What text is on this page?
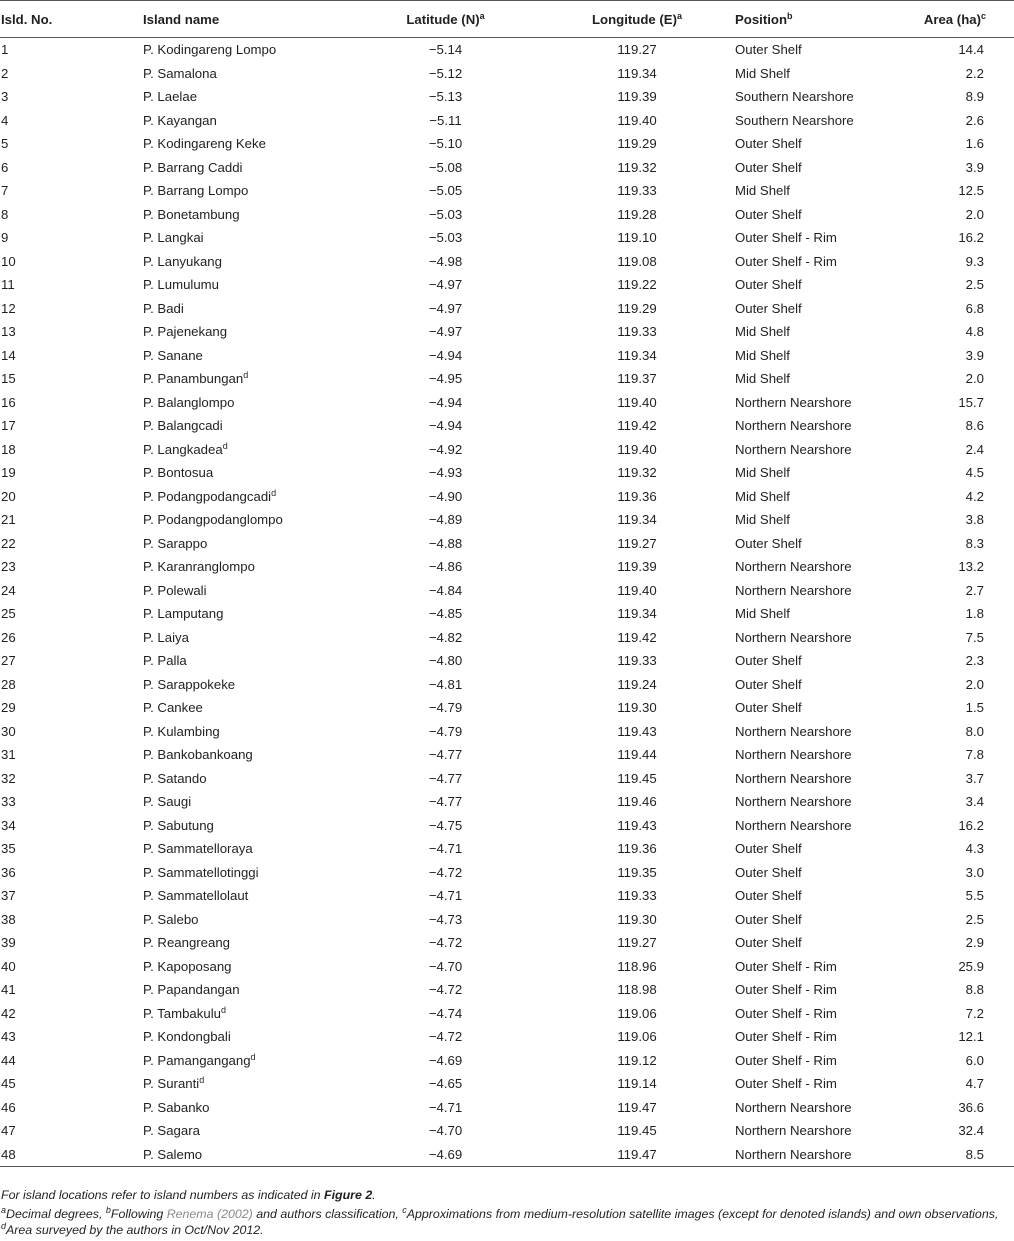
Isld. No.	Island name	Latitude $(N)^a$	Longitude $(E)^a$	Position$^b$	Area (ha)$^c$
1	P. Kodingareng Lompo	−5.14	119.27	Outer Shelf	14.4
2	P. Samalona	−5.12	119.34	Mid Shelf	2.2
3	P. Laelae	−5.13	119.39	Southern Nearshore	8.9
4	P. Kayangan	−5.11	119.40	Southern Nearshore	2.6
5	P. Kodingareng Keke	−5.10	119.29	Outer Shelf	1.6
6	P. Barrang Caddi	−5.08	119.32	Outer Shelf	3.9
7	P. Barrang Lompo	−5.05	119.33	Mid Shelf	12.5
8	P. Bonetambung	−5.03	119.28	Outer Shelf	2.0
9	P. Langkai	−5.03	119.10	Outer Shelf - Rim	16.2
10	P. Lanyukang	−4.98	119.08	Outer Shelf - Rim	9.3
11	P. Lumulumu	−4.97	119.22	Outer Shelf	2.5
12	P. Badi	−4.97	119.29	Outer Shelf	6.8
13	P. Pajenekang	−4.97	119.33	Mid Shelf	4.8
14	P. Sanane	−4.94	119.34	Mid Shelf	3.9
15	P. Panambungan$^d$	−4.95	119.37	Mid Shelf	2.0
16	P. Balanglompo	−4.94	119.40	Northern Nearshore	15.7
17	P. Balangcadi	−4.94	119.42	Northern Nearshore	8.6
18	P. Langkadea$^d$	−4.92	119.40	Northern Nearshore	2.4
19	P. Bontosua	−4.93	119.32	Mid Shelf	4.5
20	P. Podangpodangcadi$^d$	−4.90	119.36	Mid Shelf	4.2
21	P. Podangpodanglompo	−4.89	119.34	Mid Shelf	3.8
22	P. Sarappo	−4.88	119.27	Outer Shelf	8.3
23	P. Karanranglompo	−4.86	119.39	Northern Nearshore	13.2
24	P. Polewali	−4.84	119.40	Northern Nearshore	2.7
25	P. Lamputang	−4.85	119.34	Mid Shelf	1.8
26	P. Laiya	−4.82	119.42	Northern Nearshore	7.5
27	P. Palla	−4.80	119.33	Outer Shelf	2.3
28	P. Sarappokeke	−4.81	119.24	Outer Shelf	2.0
29	P. Cankee	−4.79	119.30	Outer Shelf	1.5
30	P. Kulambing	−4.79	119.43	Northern Nearshore	8.0
31	P. Bankobankoang	−4.77	119.44	Northern Nearshore	7.8
32	P. Satando	−4.77	119.45	Northern Nearshore	3.7
33	P. Saugi	−4.77	119.46	Northern Nearshore	3.4
34	P. Sabutung	−4.75	119.43	Northern Nearshore	16.2
35	P. Sammatelloraya	−4.71	119.36	Outer Shelf	4.3
36	P. Sammatellotinggi	−4.72	119.35	Outer Shelf	3.0
37	P. Sammatellolaut	−4.71	119.33	Outer Shelf	5.5
38	P. Salebo	−4.73	119.30	Outer Shelf	2.5
39	P. Reangreang	−4.72	119.27	Outer Shelf	2.9
40	P. Kapoposang	−4.70	118.96	Outer Shelf - Rim	25.9
41	P. Papandangan	−4.72	118.98	Outer Shelf - Rim	8.8
42	P. Tambakulu$^d$	−4.74	119.06	Outer Shelf - Rim	7.2
43	P. Kondongbali	−4.72	119.06	Outer Shelf - Rim	12.1
44	P. Pamangangang$^d$	−4.69	119.12	Outer Shelf - Rim	6.0
45	P. Suranti$^d$	−4.65	119.14	Outer Shelf - Rim	4.7
46	P. Sabanko	−4.71	119.47	Northern Nearshore	36.6
47	P. Sagara	−4.70	119.45	Northern Nearshore	32.4
48	P. Salemo	−4.69	119.47	Northern Nearshore	8.5

For island locations refer to island numbers as indicated in Figure 2.

$^a$Decimal degrees, $^b$Following Renema (2002) and authors classification, $^c$Approximations from medium-resolution satellite images (except for denoted islands) and own observations,
$^d$Area surveyed by the authors in Oct/Nov 2012.
